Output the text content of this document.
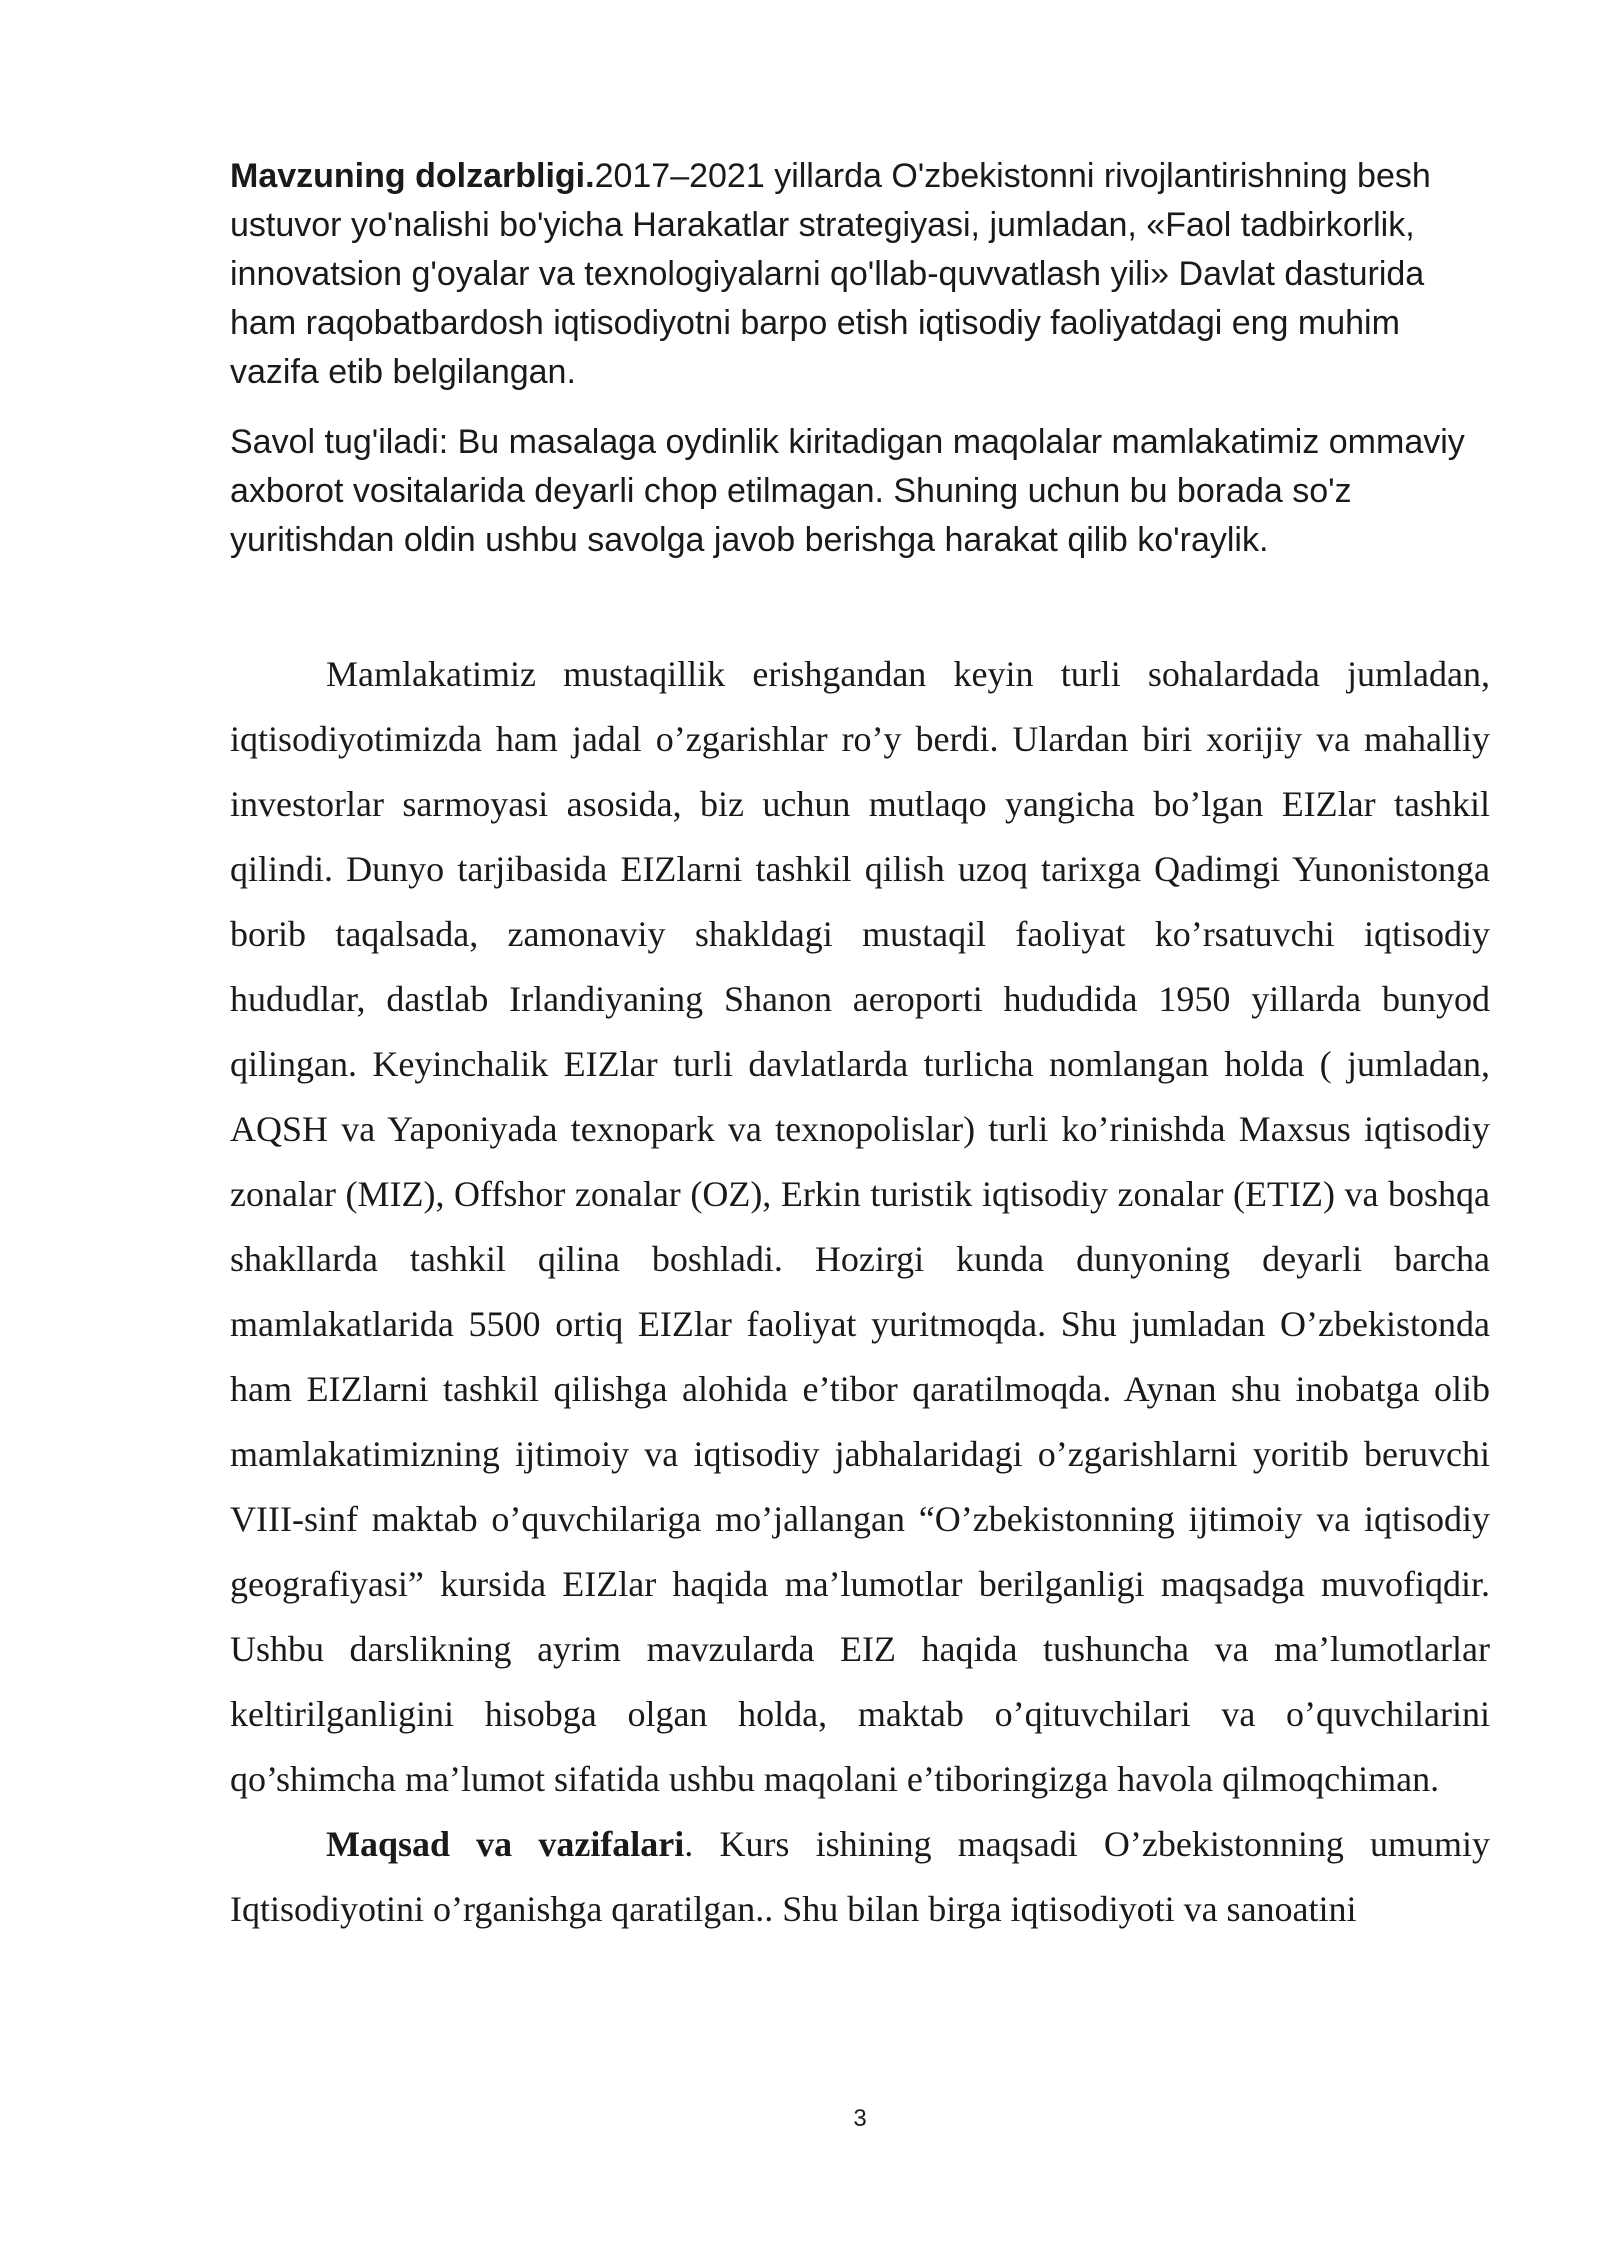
Mavzuning dolzarbligi.2017–2021 yillarda O'zbekistonni rivojlantirishning besh ustuvor yo'nalishi bo'yicha Harakatlar strategiyasi, jumladan, «Faol tadbirkorlik, innovatsion g'oyalar va texnologiyalarni qo'llab-quvvatlash yili» Davlat dasturida ham raqobatbardosh iqtisodiyotni barpo etish iqtisodiy faoliyatdagi eng muhim vazifa etib belgilangan.
Savol tug'iladi: Bu masalaga oydinlik kiritadigan maqolalar mamlakatimiz ommaviy axborot vositalarida deyarli chop etilmagan. Shuning uchun bu borada so'z yuritishdan oldin ushbu savolga javob berishga harakat qilib ko'raylik.

Mamlakatimiz mustaqillik erishgandan keyin turli sohalardada jumladan, iqtisodiyotimizda ham jadal o’zgarishlar ro’y berdi. Ulardan biri xorijiy va mahalliy investorlar sarmoyasi asosida, biz uchun mutlaqo yangicha bo’lgan EIZlar tashkil qilindi. Dunyo tarjibasida EIZlarni tashkil qilish uzoq tarixga Qadimgi Yunonistonga borib taqalsada, zamonaviy shakldagi mustaqil faoliyat ko’rsatuvchi iqtisodiy hududlar, dastlab Irlandiyaning Shanon aeroporti hududida 1950 yillarda bunyod qilingan. Keyinchalik EIZlar turli davlatlarda turlicha nomlangan holda ( jumladan, AQSH va Yaponiyada texnopark va texnopolislar) turli ko’rinishda Maxsus iqtisodiy zonalar (MIZ), Offshor zonalar (OZ), Erkin turistik iqtisodiy zonalar (ETIZ) va boshqa shakllarda tashkil qilina boshladi. Hozirgi kunda dunyoning deyarli barcha mamlakatlarida 5500 ortiq EIZlar faoliyat yuritmoqda. Shu jumladan O’zbekistonda ham EIZlarni tashkil qilishga alohida e’tibor qaratilmoqda. Aynan shu inobatga olib mamlakatimizning ijtimoiy va iqtisodiy jabhalaridagi o’zgarishlarni yoritib beruvchi VIII-sinf maktab o’quvchilariga mo’jallangan “O’zbekistonning ijtimoiy va iqtisodiy geografiyasi” kursida EIZlar haqida ma’lumotlar berilganligi maqsadga muvofiqdir. Ushbu darslikning ayrim mavzularda EIZ haqida tushuncha va ma’lumotlarlar keltirilganligini hisobga olgan holda, maktab o’qituvchilari va o’quvchilarini qo’shimcha ma’lumot sifatida ushbu maqolani e’tiboringizga havola qilmoqchiman.

Maqsad va vazifalari. Kurs ishining maqsadi O’zbekistonning umumiy Iqtisodiyotini o’rganishga qaratilgan.. Shu bilan birga iqtisodiyoti va sanoatini

3
